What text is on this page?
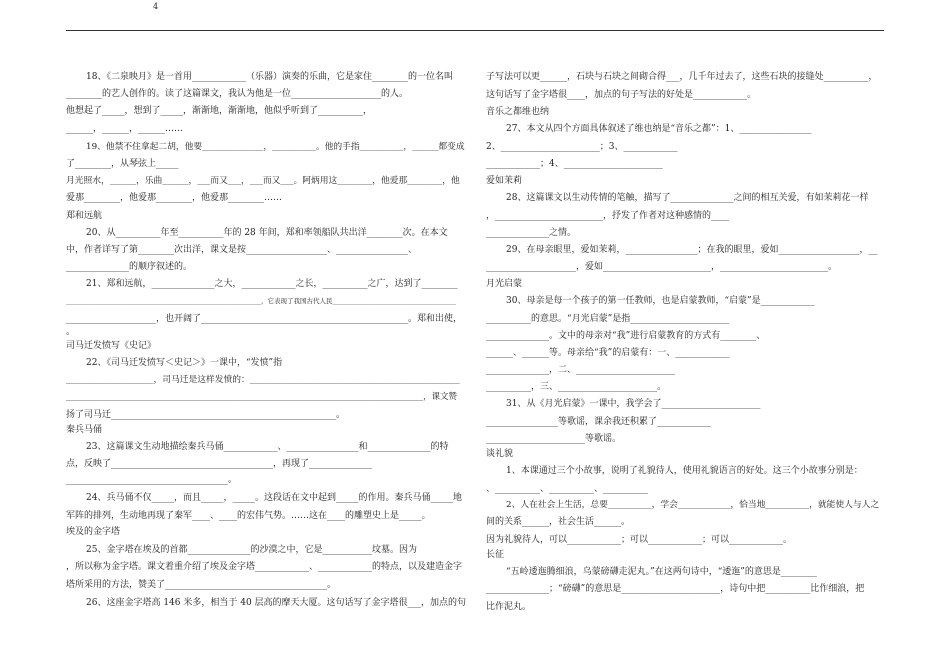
4
18、《二泉映月》是一首用____________（乐器）演奏的乐曲，它是家住________的一位名叫
________的艺人创作的。读了这篇课文，我认为他是一位____________________的人。
他想起了_____，想到了_____，渐渐地，渐渐地，他似乎听到了__________，
______，______，______……
19、他禁不住拿起二胡，他要______________，__________。他的手指__________，______都变成
了________，从琴弦上_____
月光照水，______，乐曲______，___而又___，___而又___。阿炳用这________，他爱那________，他
爱那________，他爱那________，他爱那________……
郑和远航
20、从__________年至__________年的 28 年间，郑和率领船队共出洋________次。在本文
中，作者详写了第________次出洋，课文是按__________________、________________、
______________的顺序叙述的。
21、郑和远航，______________之大，____________之长，__________之广，达到了________
____________________________________________________________，它表现了我国古代人民______________________________________
____________________，也开阔了______________________________________________。郑和出使，
。
司马迁发愤写《史记》
22、《司马迁发愤写＜史记＞》一课中，“发愤”指
____________________，司马迁是这样发愤的：________________________________________________
____________________________________________________________________________________，课文赞
扬了司马迁__________________________________________________。
秦兵马俑
23、这篇课文生动地描绘秦兵马俑____________、________________和______________的特
点，反映了____________________________________，再现了______________
____________________________________。
24、兵马俑不仅_____，而且_____，_____。这段话在文中起到_____的作用。秦兵马俑_____地
军阵的排列，生动地再现了秦军____、____的宏伟气势。……这在____的雕塑史上是_____。
埃及的金字塔
25、金字塔在埃及的首都______________的沙漠之中，它是___________坟墓。因为
，所以称为金字塔。课文着重介绍了埃及金字塔____________、____________的特点，以及建造金字
塔所采用的方法，赞美了____________________________________。
26、这座金字塔高 146 米多，相当于 40 层高的摩天大厦。这句话写了金字塔很___，加点的句
子写法可以更______，石块与石块之间砌合得___，几千年过去了，这些石块的接缝处__________，
这句话写了金字塔很____，加点的句子写法的好处是____________。
音乐之都维也纳
27、本文从四个方面具体叙述了维也纳是“音乐之都”：1、________________
2、______________________；3、____________
____________；4、______________________
爱如茉莉
28、这篇课文以生动传情的笔触，描写了______________之间的相互关爱，有如茉莉花一样
，________________________，抒发了作者对这种感情的____
______________之情。
29、在母亲眼里，爱如茉莉，________________；在我的眼里，爱如__________________，__
____________________，爱如________________________，________________________。
月光启蒙
30、母亲是每一个孩子的第一任教师，也是启蒙教师，“启蒙”是____________
__________的意思。“月光启蒙”是指______________________
______________。文中的母亲对“我”进行启蒙教育的方式有________、
______、______等。母亲给“我”的启蒙有：一、____________
______________，二、______________________
__________，三、______________________。
31、从《月光启蒙》一课中，我学会了______________________
________________等歌谣，课余我还积累了____________
______________________等歌谣。
谈礼貌
1、本课通过三个小故事，说明了礼貌待人，使用礼貌语言的好处。这三个小故事分别是：
、__________、__________、__________
2、人在社会上生活，总要__________，学会____________，恰当地__________，就能使人与人之
间的关系______，社会生活______。
因为礼貌待人，可以____________；可以____________；可以____________。
长征
“五岭逶迤腾细浪，乌蒙磅礴走泥丸。”在这两句诗中，“逶迤”的意思是________
______________；“磅礴”的意思是______________________，诗句中把__________比作细浪，把
比作泥丸。
